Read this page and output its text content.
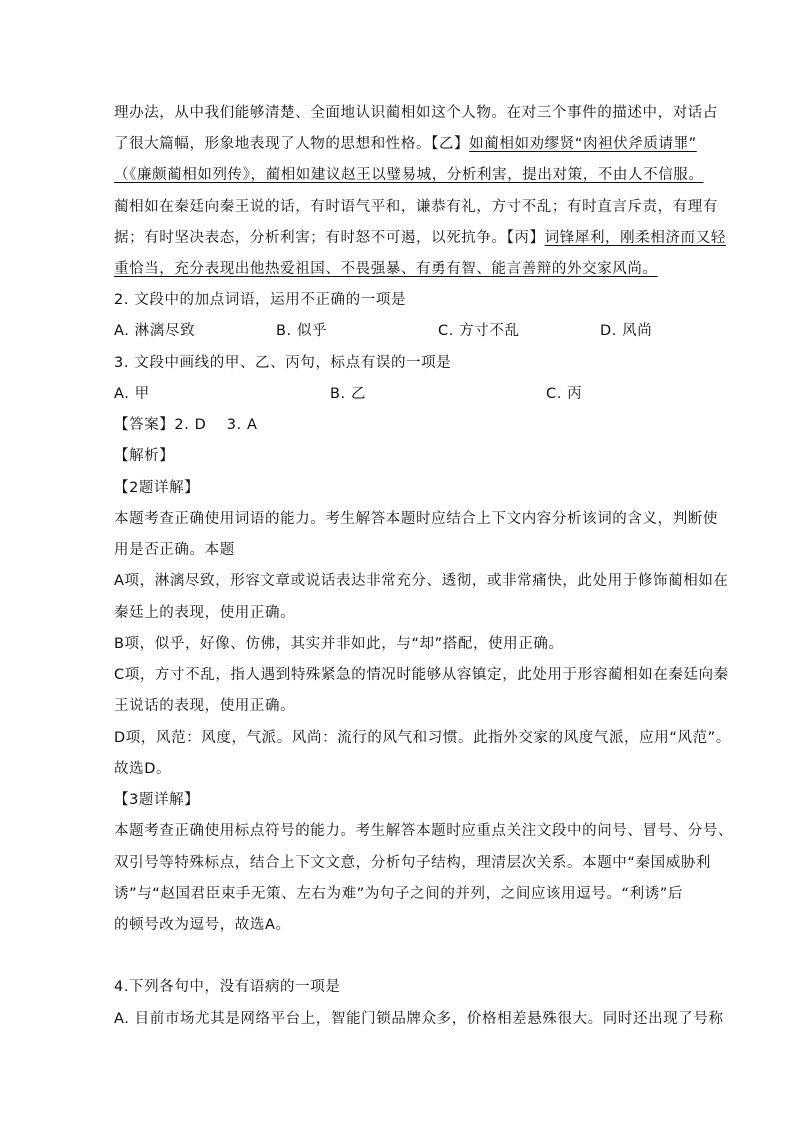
理办法，从中我们能够清楚、全面地认识蔺相如这个人物。在对三个事件的描述中，对话占
了很大篇幅，形象地表现了人物的思想和性格。【乙】如蔺相如劝缪贤“肉袒伏斧质请罪”
（《廉颇蔺相如列传》，蔺相如建议赵王以璧易城，分析利害，提出对策，不由人不信服。
蔺相如在秦廷向秦王说的话，有时语气平和，谦恭有礼，方寸不乱；有时直言斥责，有理有
据；有时坚决表态，分析利害；有时怒不可遏，以死抗争。【丙】词锋犀利，刚柔相济而又轻
重恰当，充分表现出他热爱祖国、不畏强暴、有勇有智、能言善辩的外交家风尚。
2. 文段中的加点词语，运用不正确的一项是
A. 淋漓尽致	B. 似乎	C. 方寸不乱	D. 风尚
3. 文段中画线的甲、乙、丙句，标点有误的一项是
A. 甲	B. 乙	C. 丙
【答案】2. D　 3. A
【解析】
【2题详解】
本题考查正确使用词语的能力。考生解答本题时应结合上下文内容分析该词的含义，判断使
用是否正确。本题
A项，淋漓尽致，形容文章或说话表达非常充分、透彻，或非常痛快，此处用于修饰蔺相如在
秦廷上的表现，使用正确。
B项，似乎，好像、仿佛，其实并非如此，与“却”搭配，使用正确。
C项，方寸不乱，指人遇到特殊紧急的情况时能够从容镇定，此处用于形容蔺相如在秦廷向秦
王说话的表现，使用正确。
D项，风范：风度，气派。风尚：流行的风气和习惯。此指外交家的风度气派，应用“风范”。
故选D。
【3题详解】
本题考查正确使用标点符号的能力。考生解答本题时应重点关注文段中的问号、冒号、分号、
双引号等特殊标点，结合上下文文意，分析句子结构，理清层次关系。本题中“秦国威胁利
诱”与“赵国君臣束手无策、左右为难”为句子之间的并列，之间应该用逗号。“利诱”后
的顿号改为逗号，故选A。
4.下列各句中，没有语病的一项是
A. 目前市场尤其是网络平台上，智能门锁品牌众多，价格相差悬殊很大。同时还出现了号称
